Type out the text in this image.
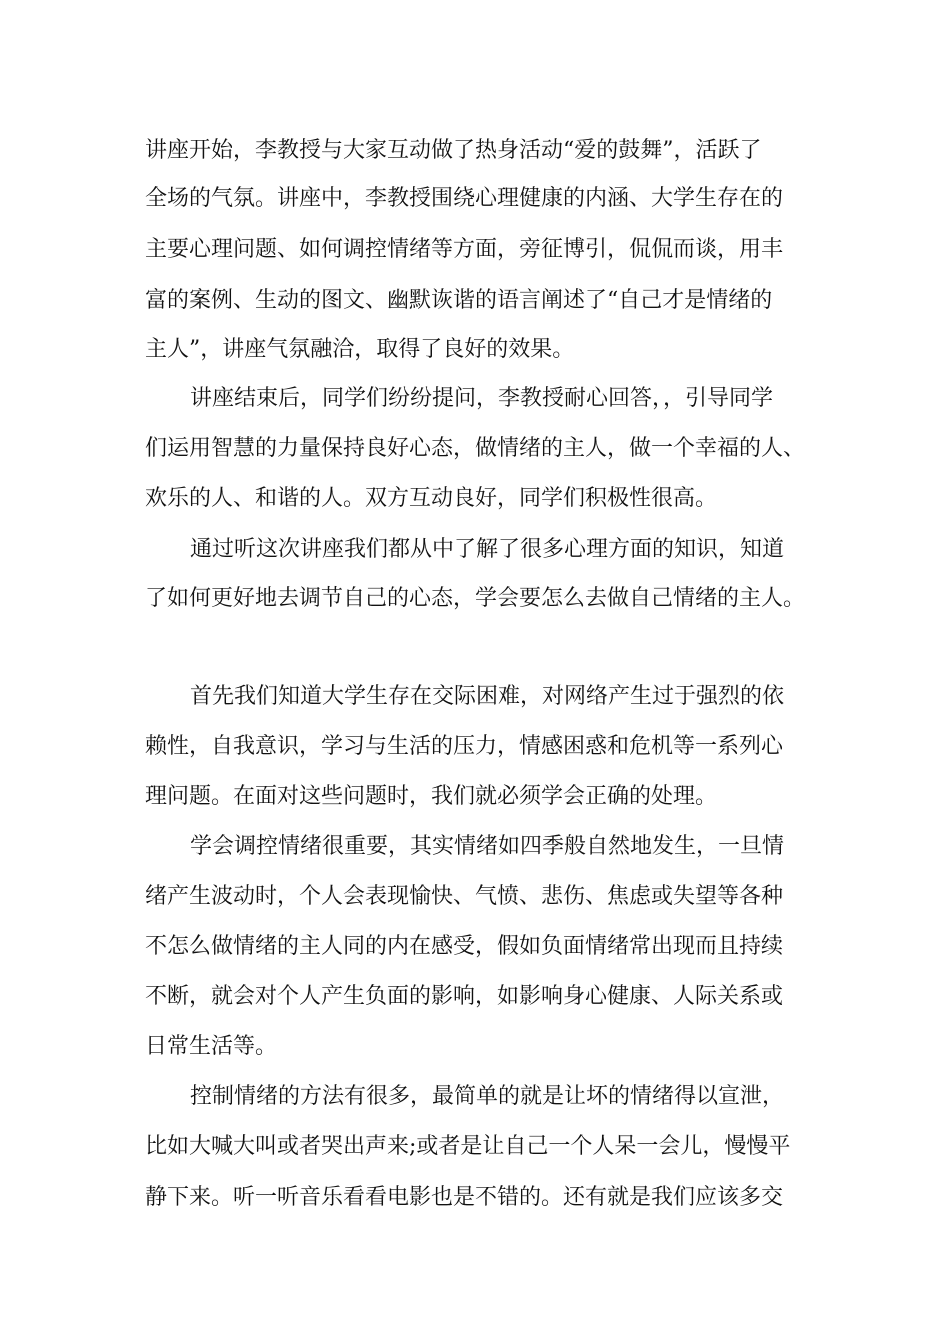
讲座开始，李教授与大家互动做了热身活动“爱的鼓舞”，活跃了
全场的气氛。讲座中，李教授围绕心理健康的内涵、大学生存在的
主要心理问题、如何调控情绪等方面，旁征博引，侃侃而谈，用丰
富的案例、生动的图文、幽默诙谐的语言阐述了“自己才是情绪的
主人”，讲座气氛融洽，取得了良好的效果。
讲座结束后，同学们纷纷提问，李教授耐心回答，，引导同学
们运用智慧的力量保持良好心态，做情绪的主人，做一个幸福的人、
欢乐的人、和谐的人。双方互动良好，同学们积极性很高。
通过听这次讲座我们都从中了解了很多心理方面的知识，知道
了如何更好地去调节自己的心态，学会要怎么去做自己情绪的主人。
首先我们知道大学生存在交际困难，对网络产生过于强烈的依
赖性，自我意识，学习与生活的压力，情感困惑和危机等一系列心
理问题。在面对这些问题时，我们就必须学会正确的处理。
学会调控情绪很重要，其实情绪如四季般自然地发生，一旦情
绪产生波动时，个人会表现愉快、气愤、悲伤、焦虑或失望等各种
不怎么做情绪的主人同的内在感受，假如负面情绪常出现而且持续
不断，就会对个人产生负面的影响，如影响身心健康、人际关系或
日常生活等。
控制情绪的方法有很多，最简单的就是让坏的情绪得以宣泄，
比如大喊大叫或者哭出声来;或者是让自己一个人呆一会儿，慢慢平
静下来。听一听音乐看看电影也是不错的。还有就是我们应该多交
